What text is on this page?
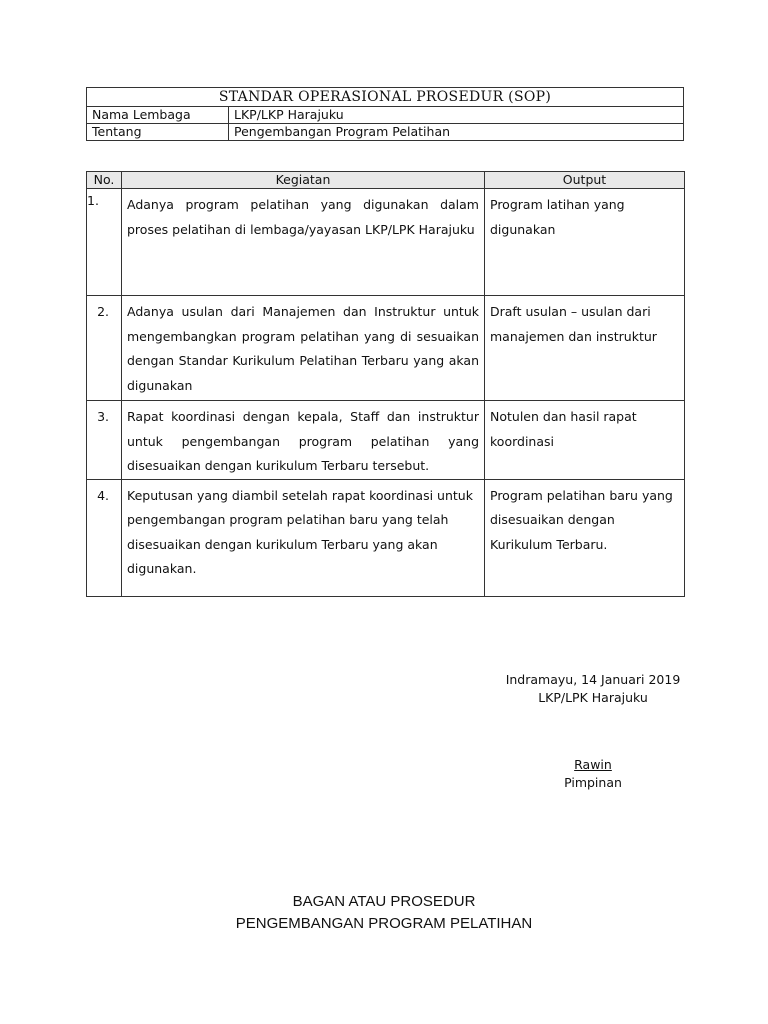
STANDAR OPERASIONAL PROSEDUR (SOP)	
Nama Lembaga	LKP/LKP Harajuku
Tentang	Pengembangan Program Pelatihan
No.	Kegiatan	Output
1.	Adanya program pelatihan yang digunakan dalam proses pelatihan di lembaga/yayasan LKP/LPK Harajuku	Program latihan yang digunakan
2.	Adanya usulan dari Manajemen dan Instruktur untuk mengembangkan program pelatihan yang di sesuaikan dengan Standar Kurikulum Pelatihan Terbaru yang akan digunakan	Draft usulan – usulan dari manajemen dan instruktur
3.	Rapat koordinasi dengan kepala, Staff dan instruktur untuk pengembangan program pelatihan yang disesuaikan dengan kurikulum Terbaru tersebut.	Notulen dan hasil rapat koordinasi
4.	Keputusan yang diambil setelah rapat koordinasi untuk pengembangan program pelatihan baru yang telah disesuaikan dengan kurikulum Terbaru yang akan digunakan.	Program pelatihan baru yang disesuaikan dengan Kurikulum Terbaru.
Indramayu, 14 Januari 2019
LKP/LPK Harajuku
Rawin
Pimpinan
BAGAN ATAU PROSEDUR
PENGEMBANGAN PROGRAM PELATIHAN
